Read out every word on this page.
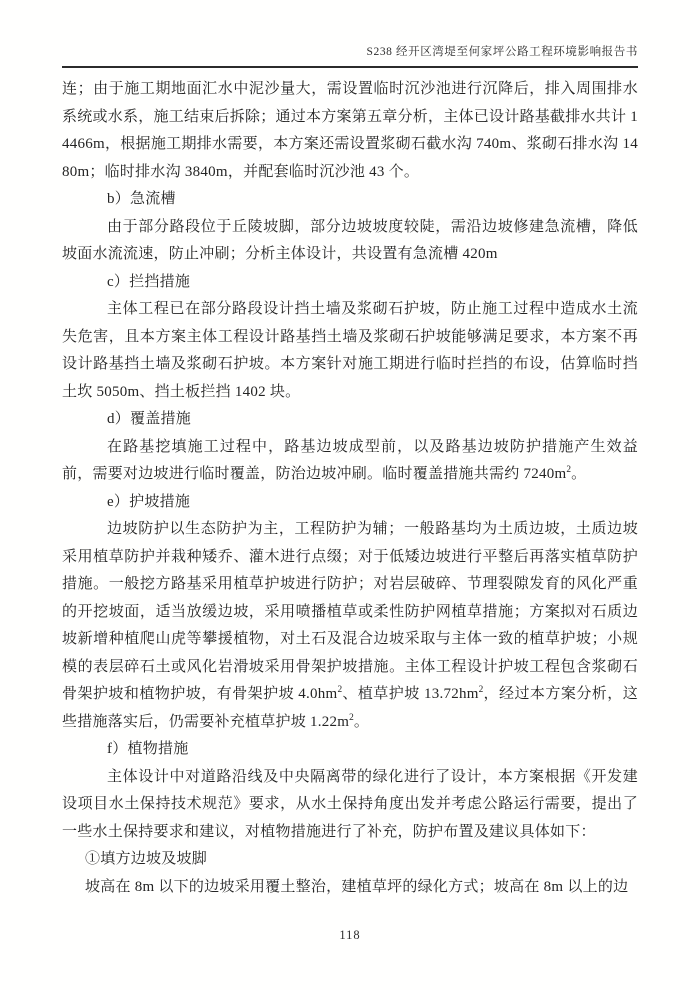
S238 经开区湾堤至何家坪公路工程环境影响报告书

连；由于施工期地面汇水中泥沙量大，需设置临时沉沙池进行沉降后，排入周围排水系统或水系，施工结束后拆除；通过本方案第五章分析，主体已设计路基截排水共计 14466m，根据施工期排水需要，本方案还需设置浆砌石截水沟 740m、浆砌石排水沟 1480m；临时排水沟 3840m，并配套临时沉沙池 43 个。

b）急流槽

由于部分路段位于丘陵坡脚，部分边坡坡度较陡，需沿边坡修建急流槽，降低坡面水流流速，防止冲刷；分析主体设计，共设置有急流槽 420m

c）拦挡措施

主体工程已在部分路段设计挡土墙及浆砌石护坡，防止施工过程中造成水土流失危害，且本方案主体工程设计路基挡土墙及浆砌石护坡能够满足要求，本方案不再设计路基挡土墙及浆砌石护坡。本方案针对施工期进行临时拦挡的布设，估算临时挡土坎 5050m、挡土板拦挡 1402 块。

d）覆盖措施

在路基挖填施工过程中，路基边坡成型前，以及路基边坡防护措施产生效益前，需要对边坡进行临时覆盖，防治边坡冲刷。临时覆盖措施共需约 $7240m^2$。

e）护坡措施

边坡防护以生态防护为主，工程防护为辅；一般路基均为土质边坡，土质边坡采用植草防护并栽种矮乔、灌木进行点缀；对于低矮边坡进行平整后再落实植草防护措施。一般挖方路基采用植草护坡进行防护；对岩层破碎、节理裂隙发育的风化严重的开挖坡面，适当放缓边坡，采用喷播植草或柔性防护网植草措施；方案拟对石质边坡新增种植爬山虎等攀援植物，对土石及混合边坡采取与主体一致的植草护坡；小规模的表层碎石土或风化岩滑坡采用骨架护坡措施。主体工程设计护坡工程包含浆砌石骨架护坡和植物护坡，有骨架护坡 $4.0hm^2$、植草护坡 $13.72hm^2$，经过本方案分析，这些措施落实后，仍需要补充植草护坡 $1.22m^2$。

f）植物措施

主体设计中对道路沿线及中央隔离带的绿化进行了设计，本方案根据《开发建设项目水土保持技术规范》要求，从水土保持角度出发并考虑公路运行需要，提出了一些水土保持要求和建议，对植物措施进行了补充，防护布置及建议具体如下：

①填方边坡及坡脚

坡高在 8m 以下的边坡采用覆土整治，建植草坪的绿化方式；坡高在 8m 以上的边

118
